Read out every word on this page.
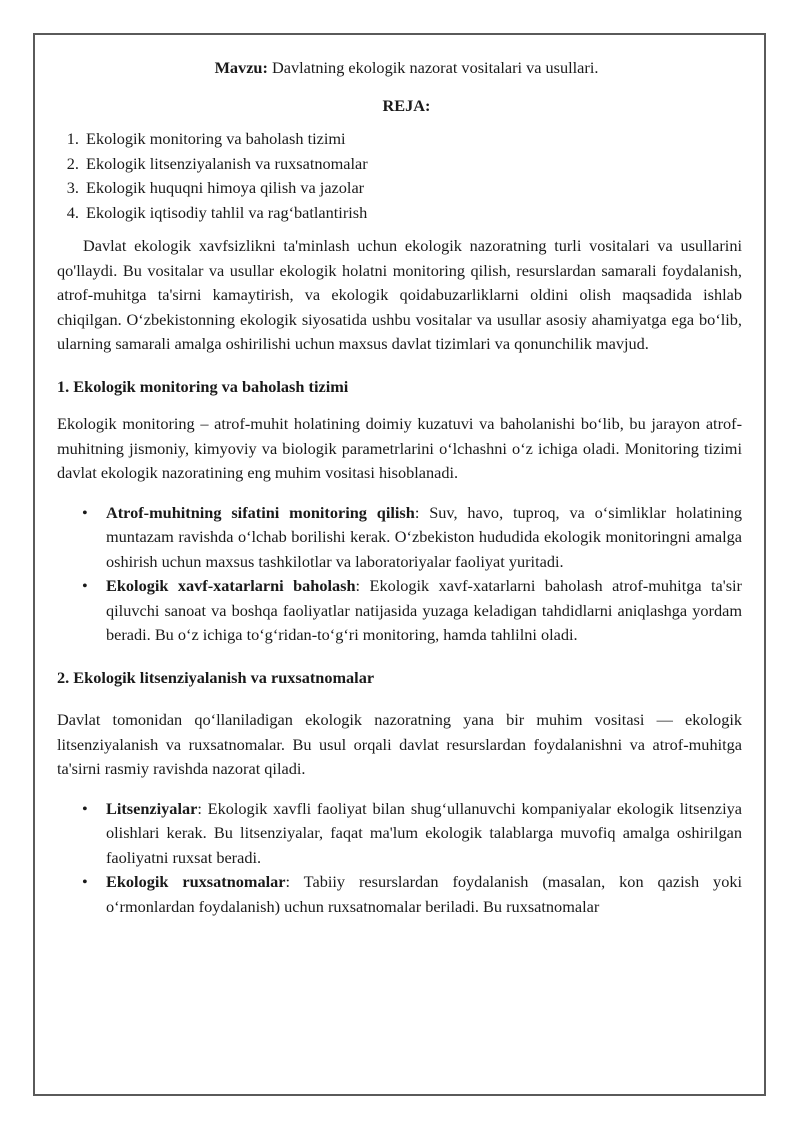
Mavzu: Davlatning ekologik nazorat vositalari va usullari.

REJA:

1. Ekologik monitoring va baholash tizimi
2. Ekologik litsenziyalanish va ruxsatnomalar
3. Ekologik huquqni himoya qilish va jazolar
4. Ekologik iqtisodiy tahlil va rag‘batlantirish

Davlat ekologik xavfsizlikni ta'minlash uchun ekologik nazoratning turli vositalari va usullarini qo'llaydi. Bu vositalar va usullar ekologik holatni monitoring qilish, resurslardan samarali foydalanish, atrof-muhitga ta'sirni kamaytirish, va ekologik qoidabuzarliklarni oldini olish maqsadida ishlab chiqilgan. O‘zbekistonning ekologik siyosatida ushbu vositalar va usullar asosiy ahamiyatga ega bo‘lib, ularning samarali amalga oshirilishi uchun maxsus davlat tizimlari va qonunchilik mavjud.

1. Ekologik monitoring va baholash tizimi

Ekologik monitoring – atrof-muhit holatining doimiy kuzatuvi va baholanishi bo‘lib, bu jarayon atrof-muhitning jismoniy, kimyoviy va biologik parametrlarini o‘lchashni o‘z ichiga oladi. Monitoring tizimi davlat ekologik nazoratining eng muhim vositasi hisoblanadi.

• Atrof-muhitning sifatini monitoring qilish: Suv, havo, tuproq, va o‘simliklar holatining muntazam ravishda o‘lchab borilishi kerak. O‘zbekiston hududida ekologik monitoringni amalga oshirish uchun maxsus tashkilotlar va laboratoriyalar faoliyat yuritadi.
• Ekologik xavf-xatarlarni baholash: Ekologik xavf-xatarlarni baholash atrof-muhitga ta'sir qiluvchi sanoat va boshqa faoliyatlar natijasida yuzaga keladigan tahdidlarni aniqlashga yordam beradi. Bu o‘z ichiga to‘g‘ridan-to‘g‘ri monitoring, hamda tahlilni oladi.
2. Ekologik litsenziyalanish va ruxsatnomalar

Davlat tomonidan qo‘llaniladigan ekologik nazoratning yana bir muhim vositasi — ekologik litsenziyalanish va ruxsatnomalar. Bu usul orqali davlat resurslardan foydalanishni va atrof-muhitga ta'sirni rasmiy ravishda nazorat qiladi.

• Litsenziyalar: Ekologik xavfli faoliyat bilan shug‘ullanuvchi kompaniyalar ekologik litsenziya olishlari kerak. Bu litsenziyalar, faqat ma'lum ekologik talablarga muvofiq amalga oshirilgan faoliyatni ruxsat beradi.
• Ekologik ruxsatnomalar: Tabiiy resurslardan foydalanish (masalan, kon qazish yoki o‘rmonlardan foydalanish) uchun ruxsatnomalar beriladi. Bu ruxsatnomalar
